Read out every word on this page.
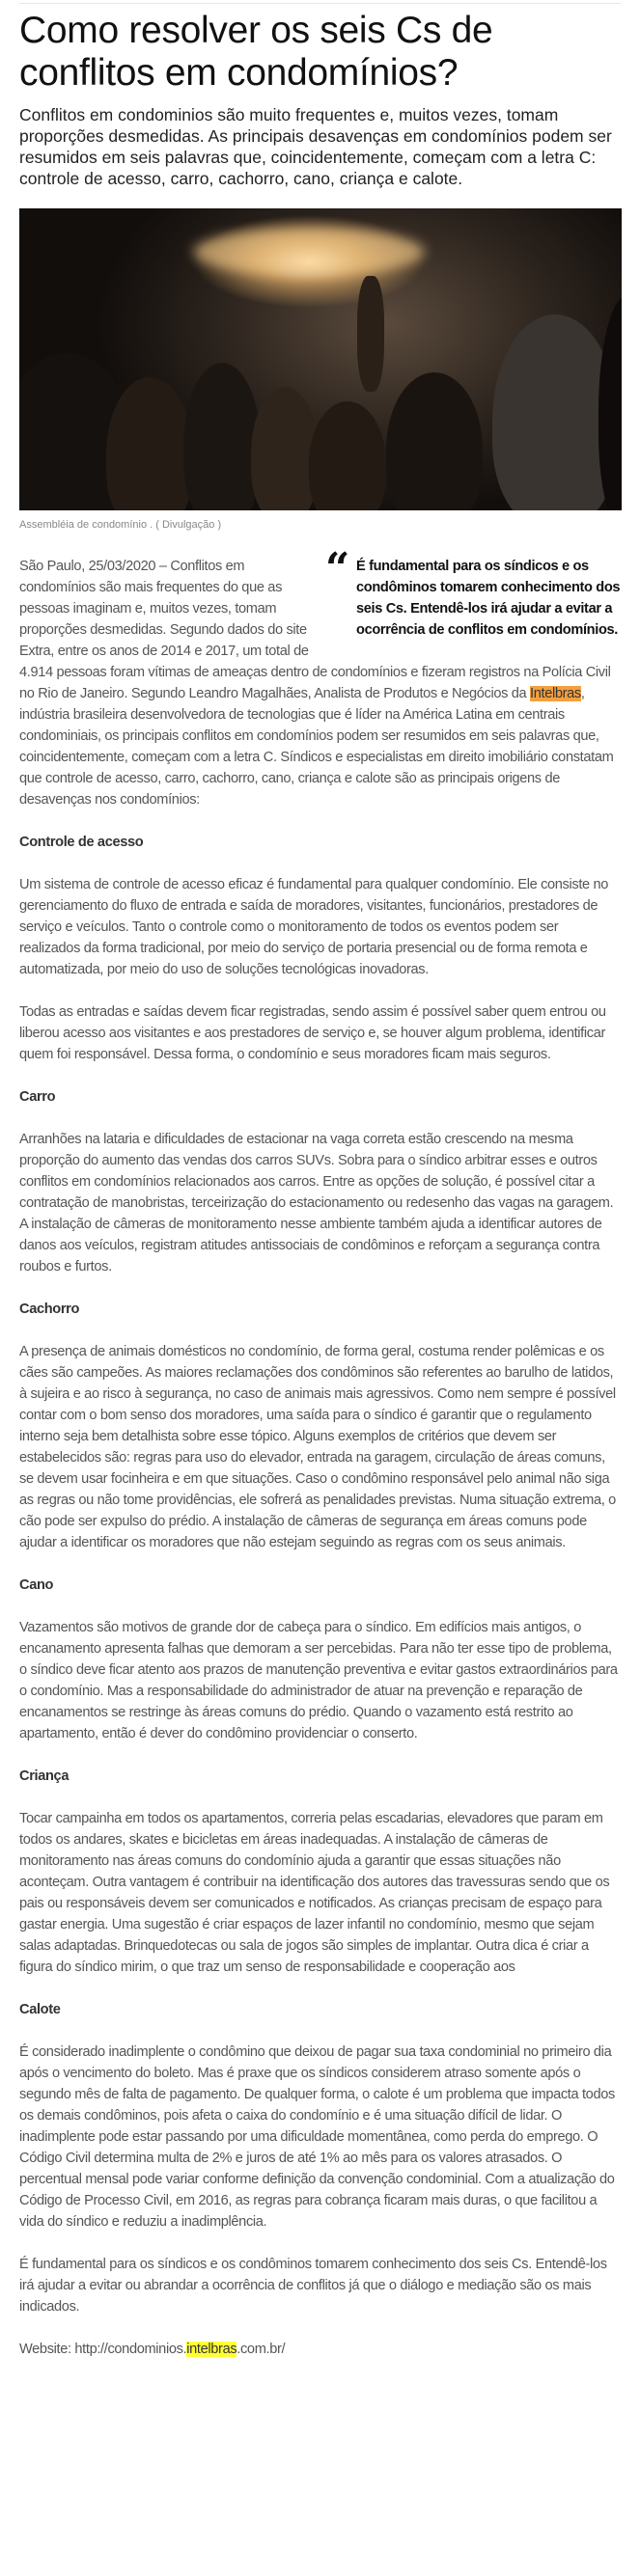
Como resolver os seis Cs de conflitos em condomínios?

Conflitos em condominios são muito frequentes e, muitos vezes, tomam proporções desmedidas. As principais desavenças em condomínios podem ser resumidos em seis palavras que, coincidentemente, começam com a letra C: controle de acesso, carro, cachorro, cano, criança e calote.

Assembléia de condomínio . ( Divulgação )
“ É fundamental para os síndicos e os condôminos tomarem conhecimento dos seis Cs. Entendê-los irá ajudar a evitar a ocorrência de conflitos em condomínios.

São Paulo, 25/03/2020 – Conflitos em condomínios são mais frequentes do que as pessoas imaginam e, muitos vezes, tomam proporções desmedidas. Segundo dados do site Extra, entre os anos de 2014 e 2017, um total de 4.914 pessoas foram vítimas de ameaças dentro de condomínios e fizeram registros na Polícia Civil no Rio de Janeiro. Segundo Leandro Magalhães, Analista de Produtos e Negócios da Intelbras, indústria brasileira desenvolvedora de tecnologias que é líder na América Latina em centrais condominiais, os principais conflitos em condomínios podem ser resumidos em seis palavras que, coincidentemente, começam com a letra C. Síndicos e especialistas em direito imobiliário constatam que controle de acesso, carro, cachorro, cano, criança e calote são as principais origens de desavenças nos condomínios:

Controle de acesso

Um sistema de controle de acesso eficaz é fundamental para qualquer condomínio. Ele consiste no gerenciamento do fluxo de entrada e saída de moradores, visitantes, funcionários, prestadores de serviço e veículos. Tanto o controle como o monitoramento de todos os eventos podem ser realizados da forma tradicional, por meio do serviço de portaria presencial ou de forma remota e automatizada, por meio do uso de soluções tecnológicas inovadoras.

Todas as entradas e saídas devem ficar registradas, sendo assim é possível saber quem entrou ou liberou acesso aos visitantes e aos prestadores de serviço e, se houver algum problema, identificar quem foi responsável. Dessa forma, o condomínio e seus moradores ficam mais seguros.

Carro

Arranhões na lataria e dificuldades de estacionar na vaga correta estão crescendo na mesma proporção do aumento das vendas dos carros SUVs. Sobra para o síndico arbitrar esses e outros conflitos em condomínios relacionados aos carros. Entre as opções de solução, é possível citar a contratação de manobristas, terceirização do estacionamento ou redesenho das vagas na garagem. A instalação de câmeras de monitoramento nesse ambiente também ajuda a identificar autores de danos aos veículos, registram atitudes antissociais de condôminos e reforçam a segurança contra roubos e furtos.

Cachorro

A presença de animais domésticos no condomínio, de forma geral, costuma render polêmicas e os cães são campeões. As maiores reclamações dos condôminos são referentes ao barulho de latidos, à sujeira e ao risco à segurança, no caso de animais mais agressivos. Como nem sempre é possível contar com o bom senso dos moradores, uma saída para o síndico é garantir que o regulamento interno seja bem detalhista sobre esse tópico. Alguns exemplos de critérios que devem ser estabelecidos são: regras para uso do elevador, entrada na garagem, circulação de áreas comuns, se devem usar focinheira e em que situações. Caso o condômino responsável pelo animal não siga as regras ou não tome providências, ele sofrerá as penalidades previstas. Numa situação extrema, o cão pode ser expulso do prédio. A instalação de câmeras de segurança em áreas comuns pode ajudar a identificar os moradores que não estejam seguindo as regras com os seus animais.

Cano

Vazamentos são motivos de grande dor de cabeça para o síndico. Em edifícios mais antigos, o encanamento apresenta falhas que demoram a ser percebidas. Para não ter esse tipo de problema, o síndico deve ficar atento aos prazos de manutenção preventiva e evitar gastos extraordinários para o condomínio. Mas a responsabilidade do administrador de atuar na prevenção e reparação de encanamentos se restringe às áreas comuns do prédio. Quando o vazamento está restrito ao apartamento, então é dever do condômino providenciar o conserto.

Criança

Tocar campainha em todos os apartamentos, correria pelas escadarias, elevadores que param em todos os andares, skates e bicicletas em áreas inadequadas. A instalação de câmeras de monitoramento nas áreas comuns do condomínio ajuda a garantir que essas situações não aconteçam. Outra vantagem é contribuir na identificação dos autores das travessuras sendo que os pais ou responsáveis devem ser comunicados e notificados. As crianças precisam de espaço para gastar energia. Uma sugestão é criar espaços de lazer infantil no condomínio, mesmo que sejam salas adaptadas. Brinquedotecas ou sala de jogos são simples de implantar. Outra dica é criar a figura do síndico mirim, o que traz um senso de responsabilidade e cooperação aos

Calote

É considerado inadimplente o condômino que deixou de pagar sua taxa condominial no primeiro dia após o vencimento do boleto. Mas é praxe que os síndicos considerem atraso somente após o segundo mês de falta de pagamento. De qualquer forma, o calote é um problema que impacta todos os demais condôminos, pois afeta o caixa do condomínio e é uma situação difícil de lidar. O inadimplente pode estar passando por uma dificuldade momentânea, como perda do emprego. O Código Civil determina multa de 2% e juros de até 1% ao mês para os valores atrasados. O percentual mensal pode variar conforme definição da convenção condominial. Com a atualização do Código de Processo Civil, em 2016, as regras para cobrança ficaram mais duras, o que facilitou a vida do síndico e reduziu a inadimplência.

É fundamental para os síndicos e os condôminos tomarem conhecimento dos seis Cs. Entendê-los irá ajudar a evitar ou abrandar a ocorrência de conflitos já que o diálogo e mediação são os mais indicados.

Website: http://condominios.intelbras.com.br/
